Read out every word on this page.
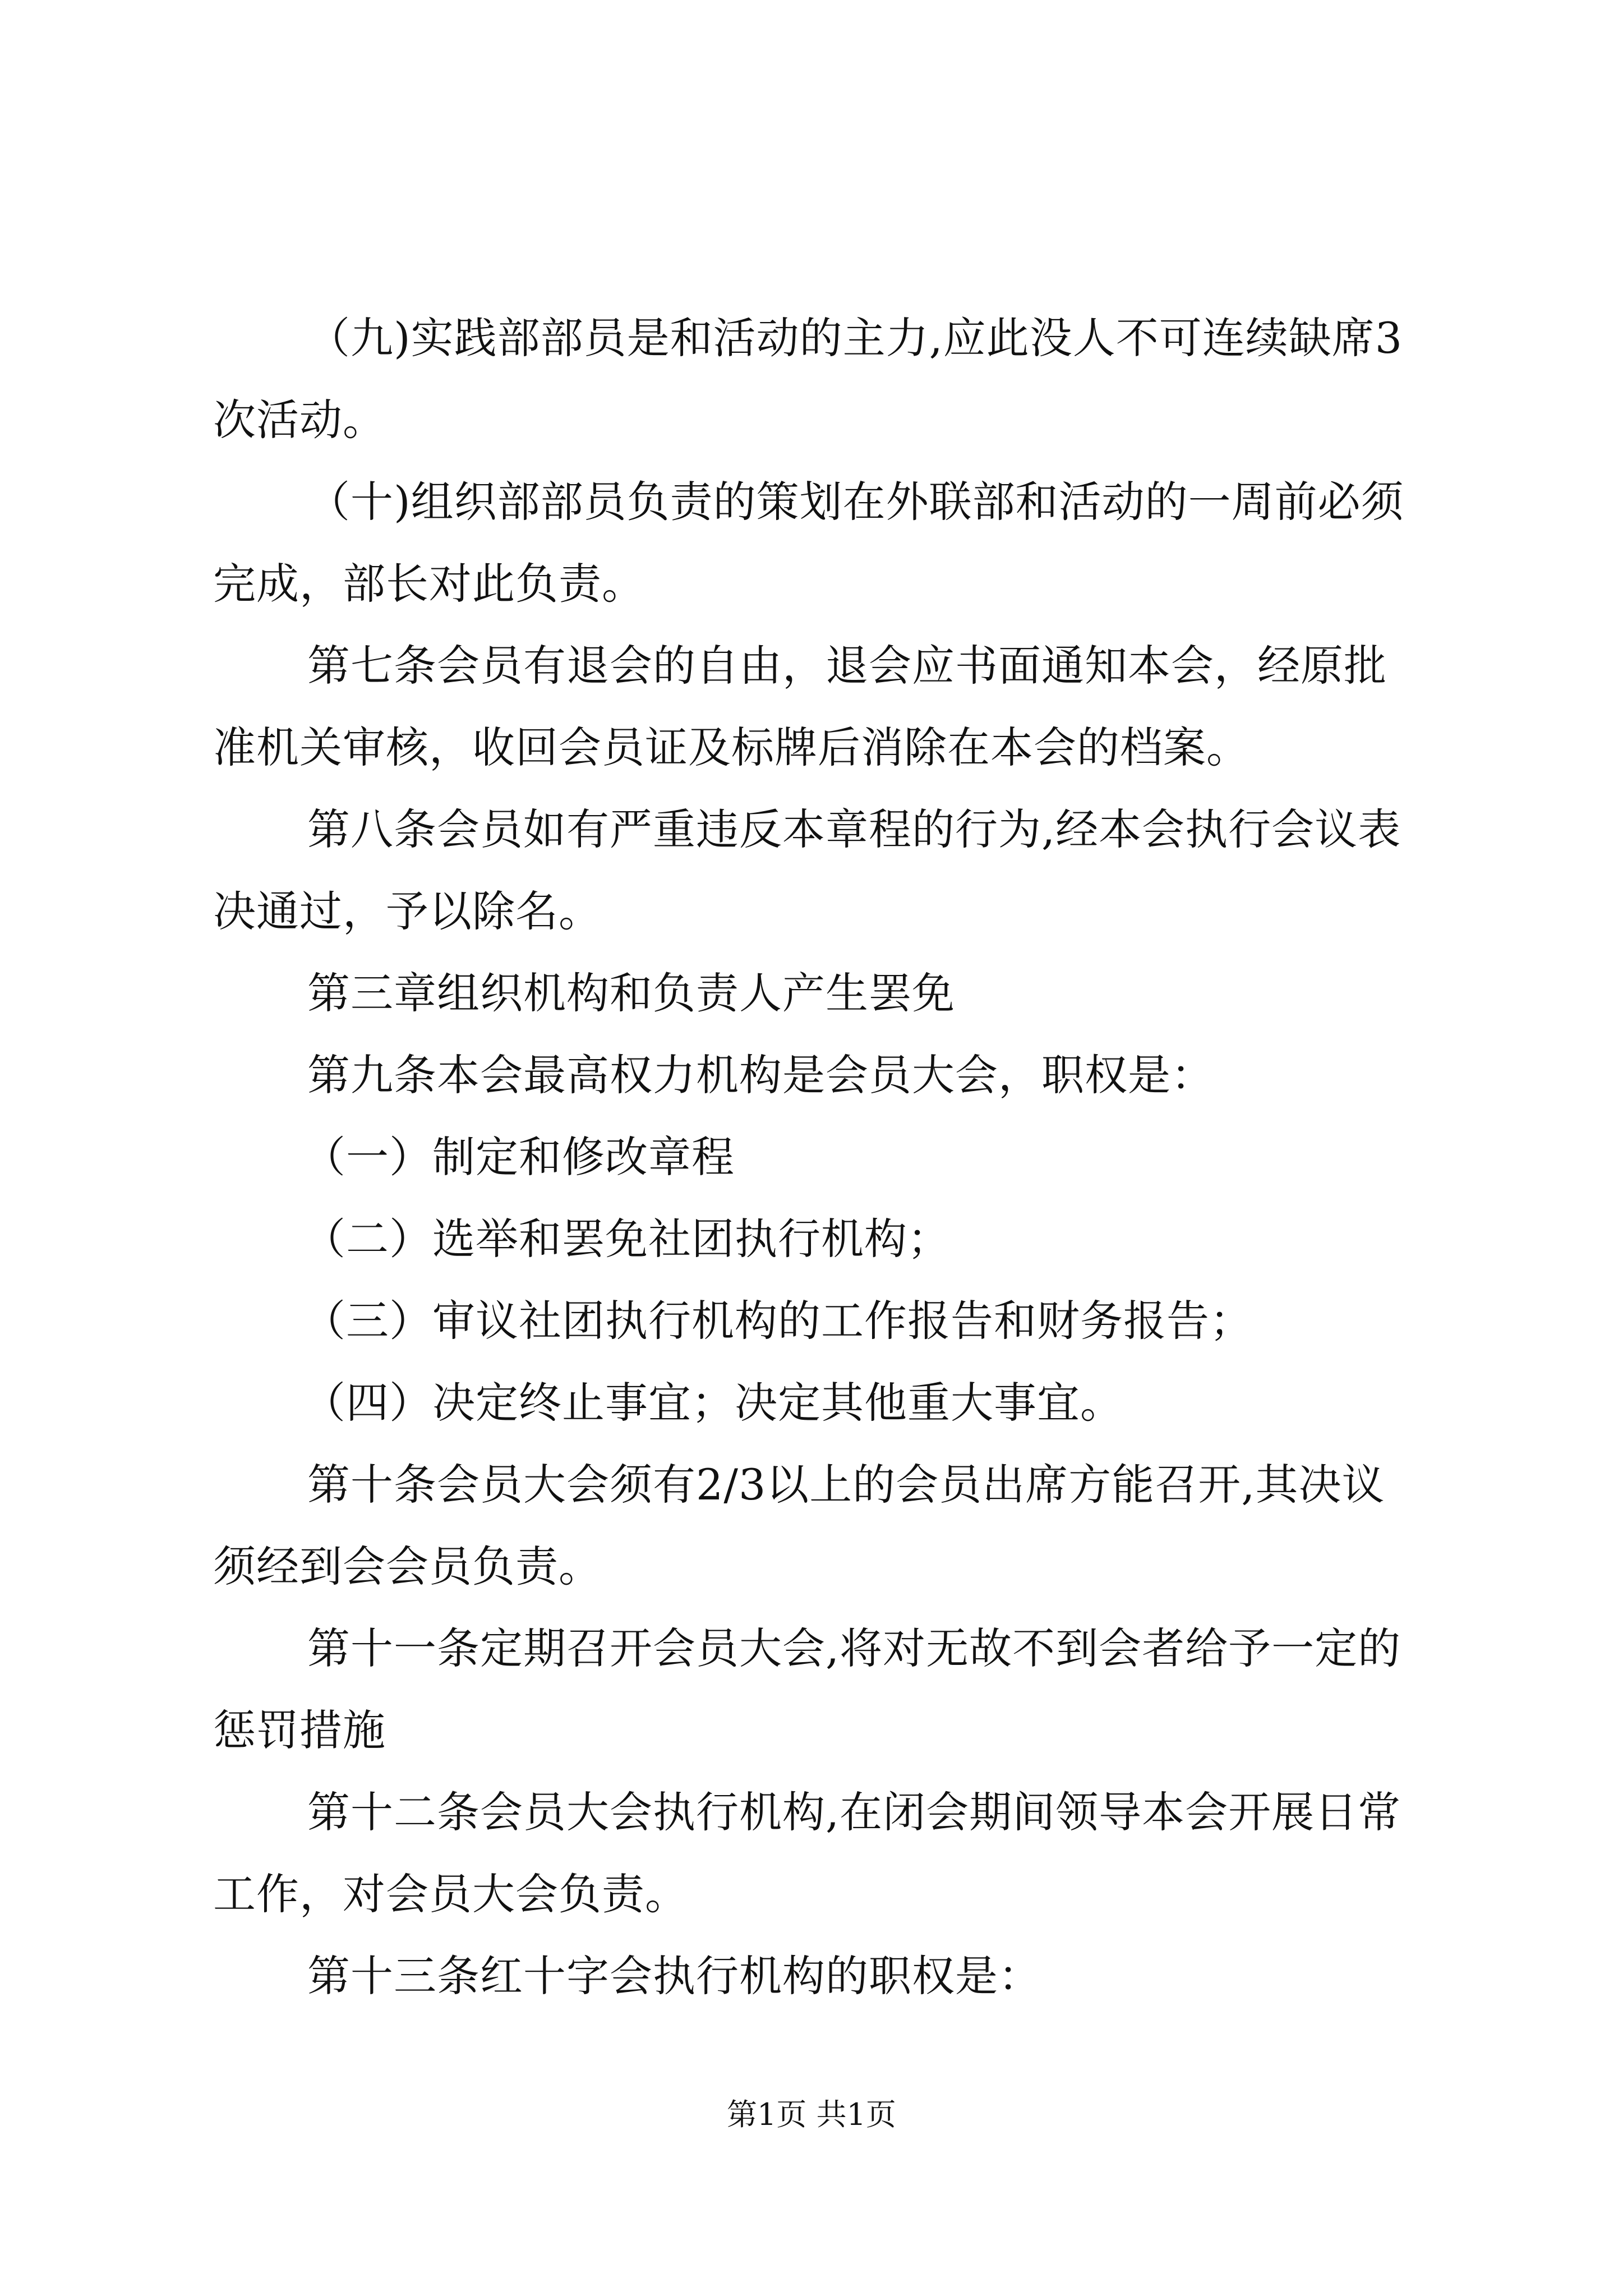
（九)实践部部员是和活动的主力,应此没人不可连续缺席3次活动。

（十)组织部部员负责的策划在外联部和活动的一周前必须完成，部长对此负责。

第七条会员有退会的自由，退会应书面通知本会，经原批准机关审核，收回会员证及标牌后消除在本会的档案。

第八条会员如有严重违反本章程的行为,经本会执行会议表决通过，予以除名。

第三章组织机构和负责人产生罢免

第九条本会最高权力机构是会员大会，职权是：

（一）制定和修改章程

（二）选举和罢免社团执行机构；

（三）审议社团执行机构的工作报告和财务报告；

（四）决定终止事宜；决定其他重大事宜。

第十条会员大会须有2/3以上的会员出席方能召开,其决议须经到会会员负责。

第十一条定期召开会员大会,将对无故不到会者给予一定的惩罚措施

第十二条会员大会执行机构,在闭会期间领导本会开展日常工作，对会员大会负责。

第十三条红十字会执行机构的职权是：

第1页 共1页
